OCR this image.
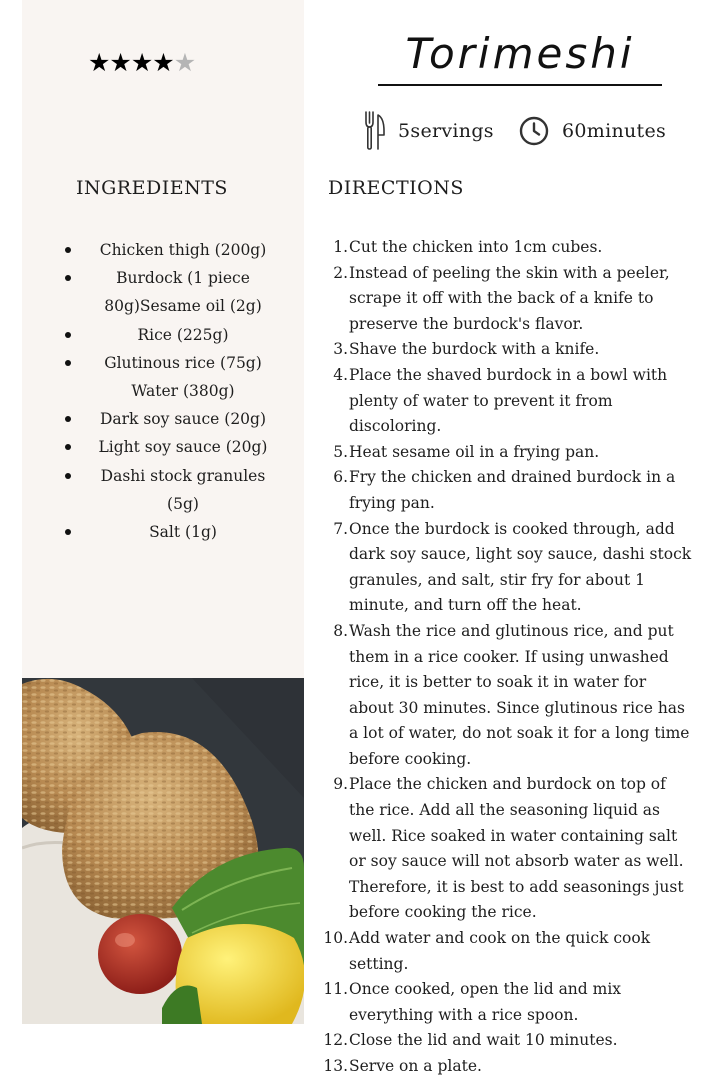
★★★★★	Torimeshi
5servings	60minutes
INGREDIENTS	DIRECTIONS
Chicken thigh (200g)
Burdock (1 piece
80g)Sesame oil (2g)
Rice (225g)
Glutinous rice (75g)
Water (380g)
Dark soy sauce (20g)
Light soy sauce (20g)
Dashi stock granules
(5g)
Salt (1g)
1. Cut the chicken into 1cm cubes.
2. Instead of peeling the skin with a peeler, scrape it off with the back of a knife to preserve the burdock's flavor.
3. Shave the burdock with a knife.
4. Place the shaved burdock in a bowl with plenty of water to prevent it from discoloring.
5. Heat sesame oil in a frying pan.
6. Fry the chicken and drained burdock in a frying pan.
7. Once the burdock is cooked through, add dark soy sauce, light soy sauce, dashi stock granules, and salt, stir fry for about 1 minute, and turn off the heat.
8. Wash the rice and glutinous rice, and put them in a rice cooker. If using unwashed rice, it is better to soak it in water for about 30 minutes. Since glutinous rice has a lot of water, do not soak it for a long time before cooking.
9. Place the chicken and burdock on top of the rice. Add all the seasoning liquid as well. Rice soaked in water containing salt or soy sauce will not absorb water as well. Therefore, it is best to add seasonings just before cooking the rice.
10. Add water and cook on the quick cook setting.
11. Once cooked, open the lid and mix everything with a rice spoon.
12. Close the lid and wait 10 minutes.
13. Serve on a plate.
